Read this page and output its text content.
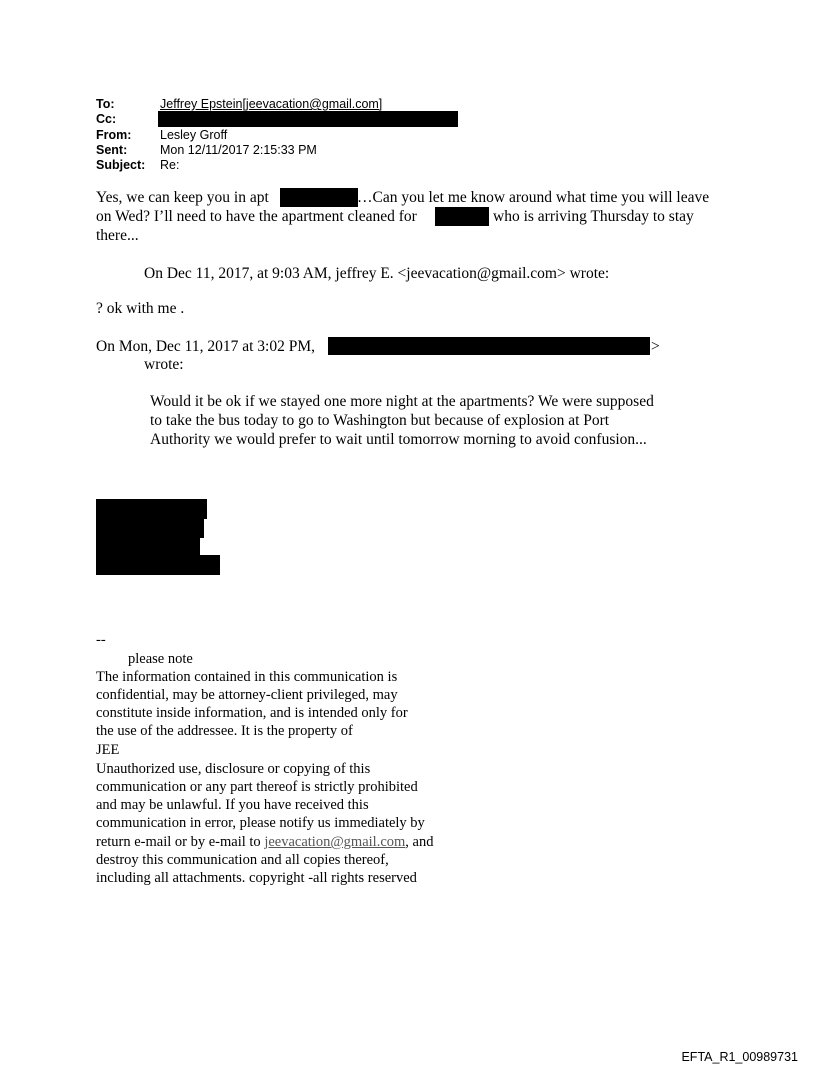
To:	Jeffrey Epstein[jeevacation@gmail.com]
Cc:
From: Lesley Groff
Sent:	Mon 12/11/2017 2:15:33 PM
Subject: Re:
Yes, we can keep you in apt	…Can you let me know around what time you will leave
on Wed? I’ll need to have the apartment cleaned for	who is arriving Thursday to stay
there...
On Dec 11, 2017, at 9:03 AM, jeffrey E. <jeevacation@gmail.com> wrote:
? ok with me .
On Mon, Dec 11, 2017 at 3:02 PM,	>
wrote:
Would it be ok if we stayed one more night at the apartments? We were supposed
to take the bus today to go to Washington but because of explosion at Port
Authority we would prefer to wait until tomorrow morning to avoid confusion...
--
please note
The information contained in this communication is
confidential, may be attorney-client privileged, may
constitute inside information, and is intended only for
the use of the addressee. It is the property of
JEE
Unauthorized use, disclosure or copying of this
communication or any part thereof is strictly prohibited
and may be unlawful. If you have received this
communication in error, please notify us immediately by
return e-mail or by e-mail to jeevacation@gmail.com, and
destroy this communication and all copies thereof,
including all attachments. copyright -all rights reserved
EFTA_R1_00989731
